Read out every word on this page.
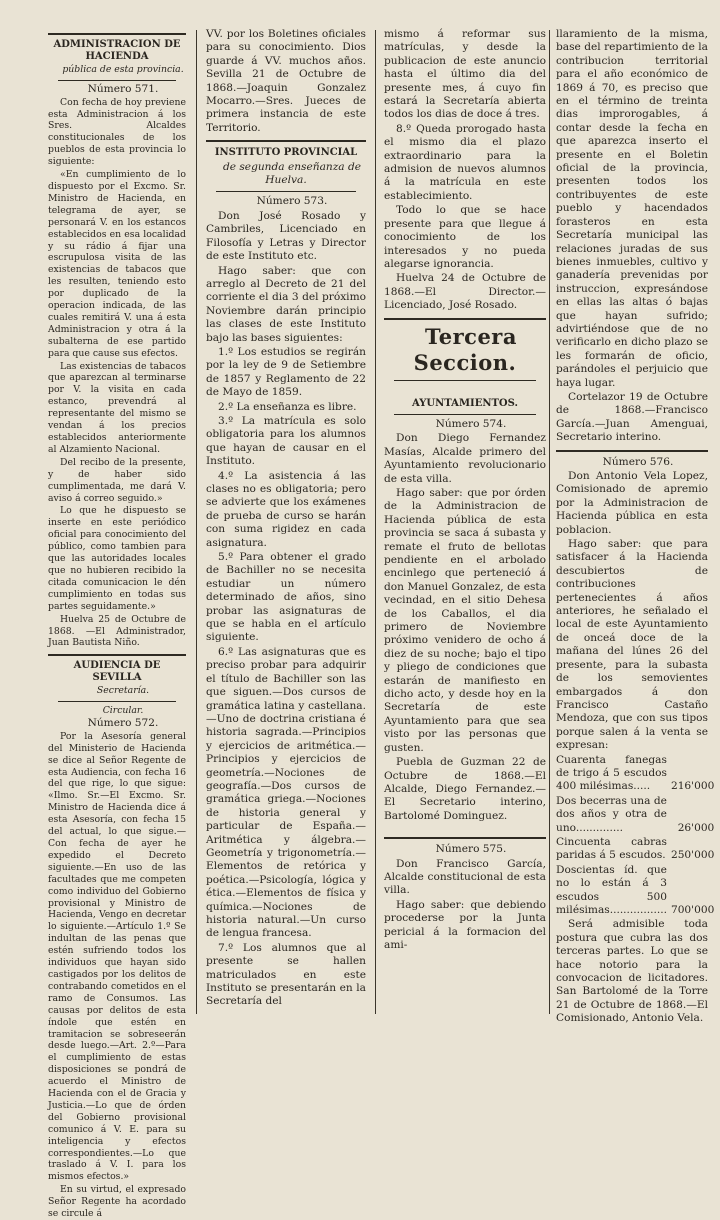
ADMINISTRACION DE HACIENDA

pública de esta provincia.

Número 571.

Con fecha de hoy previene esta Administracion á los Sres. Alcaldes constitucionales de los pueblos de esta provincia lo siguiente:

«En cumplimiento de lo dispuesto por el Excmo. Sr. Ministro de Hacienda, en telegrama de ayer, se personará V. en los estancos establecidos en esa localidad y su rádio á fijar una escrupulosa visita de las existencias de tabacos que les resulten, teniendo esto por duplicado de la operacion indicada, de las cuales remitirá V. una á esta Administracion y otra á la subalterna de ese partido para que cause sus efectos.

Las existencias de tabacos que aparezcan al terminarse por V. la visita en cada estanco, prevendrá al representante del mismo se vendan á los precios establecidos anteriormente al Alzamiento Nacional.

Del recibo de la presente, y de haber sido cumplimentada, me dará V. aviso á correo seguido.»

Lo que he dispuesto se inserte en este periódico oficial para conocimiento del público, como tambien para que las autoridades locales que no hubieren recibido la citada comunicacion le dén cumplimiento en todas sus partes seguidamente.»

Huelva 25 de Octubre de 1868. —El Administrador, Juan Bautista Niño.

AUDIENCIA DE SEVILLA

Secretaría.

Circular.

Número 572.

Por la Asesoría general del Ministerio de Hacienda se dice al Señor Regente de esta Audiencia, con fecha 16 del que rige, lo que sigue: «Ilmo. Sr.—El Excmo. Sr. Ministro de Hacienda dice á esta Asesoría, con fecha 15 del actual, lo que sigue.—Con fecha de ayer he expedido el Decreto siguiente.—En uso de las facultades que me competen como individuo del Gobierno provisional y Ministro de Hacienda, Vengo en decretar lo siguiente.—Artículo 1.º Se indultan de las penas que estén sufriendo todos los individuos que hayan sido castigados por los delitos de contrabando cometidos en el ramo de Consumos. Las causas por delitos de esta índole que estén en tramitacion se sobreseerán desde luego.—Art. 2.º—Para el cumplimiento de estas disposiciones se pondrá de acuerdo el Ministro de Hacienda con el de Gracia y Justicia.—Lo que de órden del Gobierno provisional comunico á V. E. para su inteligencia y efectos correspondientes.—Lo que traslado á V. I. para los mismos efectos.»

En su virtud, el expresado Señor Regente ha acordado se circule á

VV. por los Boletines oficiales para su conocimiento. Dios guarde á VV. muchos años. Sevilla 21 de Octubre de 1868.—Joaquin Gonzalez Mocarro.—Sres. Jueces de primera instancia de este Territorio.

INSTITUTO PROVINCIAL

de segunda enseñanza de Huelva.

Número 573.

Don José Rosado y Cambriles, Licenciado en Filosofía y Letras y Director de este Instituto etc.

Hago saber: que con arreglo al Decreto de 21 del corriente el dia 3 del próximo Noviembre darán principio las clases de este Instituto bajo las bases siguientes:

1.º Los estudios se regirán por la ley de 9 de Setiembre de 1857 y Reglamento de 22 de Mayo de 1859.

2.º La enseñanza es libre.

3.º La matrícula es solo obligatoria para los alumnos que hayan de causar en el Instituto.

4.º La asistencia á las clases no es obligatoria; pero se advierte que los exámenes de prueba de curso se harán con suma rigidez en cada asignatura.

5.º Para obtener el grado de Bachiller no se necesita estudiar un número determinado de años, sino probar las asignaturas de que se habla en el artículo siguiente.

6.º Las asignaturas que es preciso probar para adquirir el título de Bachiller son las que siguen.—Dos cursos de gramática latina y castellana.—Uno de doctrina cristiana é historia sagrada.—Principios y ejercicios de aritmética.—Principios y ejercicios de geometría.—Nociones de geografía.—Dos cursos de gramática griega.—Nociones de historia general y particular de España.—Aritmética y álgebra.—Geometría y trigonometría.—Elementos de retórica y poética.—Psicología, lógica y ética.—Elementos de física y química.—Nociones de historia natural.—Un curso de lengua francesa.

7.º Los alumnos que al presente se hallen matriculados en este Instituto se presentarán en la Secretaría del

mismo á reformar sus matrículas, y desde la publicacion de este anuncio hasta el último dia del presente mes, á cuyo fin estará la Secretaría abierta todos los dias de doce á tres.

8.º Queda prorogado hasta el mismo dia el plazo extraordinario para la admision de nuevos alumnos á la matrícula en este establecimiento.

Todo lo que se hace presente para que llegue á conocimiento de los interesados y no pueda alegarse ignorancia.

Huelva 24 de Octubre de 1868.—El Director.—Licenciado, José Rosado.

Tercera Seccion.

AYUNTAMIENTOS.

Número 574.

Don Diego Fernandez Masías, Alcalde primero del Ayuntamiento revolucionario de esta villa.

Hago saber: que por órden de la Administracion de Hacienda pública de esta provincia se saca á subasta y remate el fruto de bellotas pendiente en el arbolado encinlego que perteneció á don Manuel Gonzalez, de esta vecindad, en el sitio Dehesa de los Caballos, el dia primero de Noviembre próximo venidero de ocho á diez de su noche; bajo el tipo y pliego de condiciones que estarán de manifiesto en dicho acto, y desde hoy en la Secretaría de este Ayuntamiento para que sea visto por las personas que gusten.

Puebla de Guzman 22 de Octubre de 1868.—El Alcalde, Diego Fernandez.—El Secretario interino, Bartolomé Dominguez.

Número 575.

Don Francisco García, Alcalde constitucional de esta villa.

Hago saber: que debiendo procederse por la Junta pericial á la formacion del ami-

llaramiento de la misma, base del repartimiento de la contribucion territorial para el año económico de 1869 á 70, es preciso que en el término de treinta dias improrogables, á contar desde la fecha en que aparezca inserto el presente en el Boletin oficial de la provincia, presenten todos los contribuyentes de este pueblo y hacendados forasteros en esta Secretaría municipal las relaciones juradas de sus bienes inmuebles, cultivo y ganadería prevenidas por instruccion, expresándose en ellas las altas ó bajas que hayan sufrido; advirtiéndose que de no verificarlo en dicho plazo se les formarán de oficio, parándoles el perjuicio que haya lugar.

Cortelazor 19 de Octubre de 1868.—Francisco García.—Juan Amenguai, Secretario interino.

Número 576.

Don Antonio Vela Lopez, Comisionado de apremio por la Administracion de Hacienda pública en esta poblacion.

Hago saber: que para satisfacer á la Hacienda descubiertos de contribuciones pertenecientes á años anteriores, he señalado el local de este Ayuntamiento de onceá doce de la mañana del lúnes 26 del presente, para la subasta de los semovientes embargados á don Francisco Castaño Mendoza, que con sus tipos porque salen á la venta se expresan:

Cuarenta fanegas de trigo á 5 escudos 400 milésimas.....	216'000
Dos becerras una de dos años y otra de uno..............	26'000
Cincuenta cabras paridas á 5 escudos.	250'000
Doscientas íd. que no lo están á 3 escudos 500 milésimas.................	700'000

Será admisible toda postura que cubra las dos terceras partes. Lo que se hace notorio para la convocacion de licitadores. San Bartolomé de la Torre 21 de Octubre de 1868.—El Comisionado, Antonio Vela.
